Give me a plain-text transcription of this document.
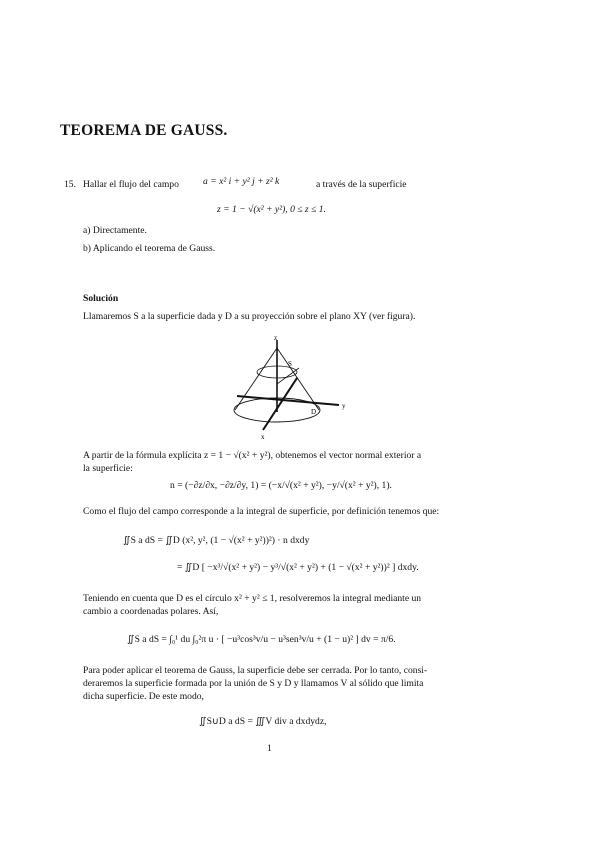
TEOREMA DE GAUSS.
15. Hallar el flujo del campo	a = x² i + y² j + z² k	a través de la superficie
z = 1 − √(x² + y²), 0 ≤ z ≤ 1.
a) Directamente.
b) Aplicando el teorema de Gauss.
Solución
Llamaremos S a la superficie dada y D a su proyección sobre el plano XY (ver figura).
z
S
D
y
x
A partir de la fórmula explícita z = 1 − √(x² + y²), obtenemos el vector normal exterior a
la superficie:
n = (−∂z/∂x, −∂z/∂y, 1) = (−x/√(x² + y²), −y/√(x² + y²), 1).
Como el flujo del campo corresponde a la integral de superficie, por definición tenemos que:
∬S a dS = ∬D (x², y², (1 − √(x² + y²))²) · n dxdy
= ∬D [ −x³/√(x² + y²) − y³/√(x² + y²) + (1 − √(x² + y²))² ] dxdy.
Teniendo en cuenta que D es el círculo x² + y² ≤ 1, resolveremos la integral mediante un
cambio a coordenadas polares. Así,
∬S a dS = ∫₀¹ du ∫₀²π u · [ −u³cos³v/u − u³sen³v/u + (1 − u)² ] dv = π/6.
Para poder aplicar el teorema de Gauss, la superficie debe ser cerrada. Por lo tanto, consi-
deraremos la superficie formada por la unión de S y D y llamamos V al sólido que limita
dicha superficie. De este modo,
∬S∪D a dS = ∭V div a dxdydz,
1
